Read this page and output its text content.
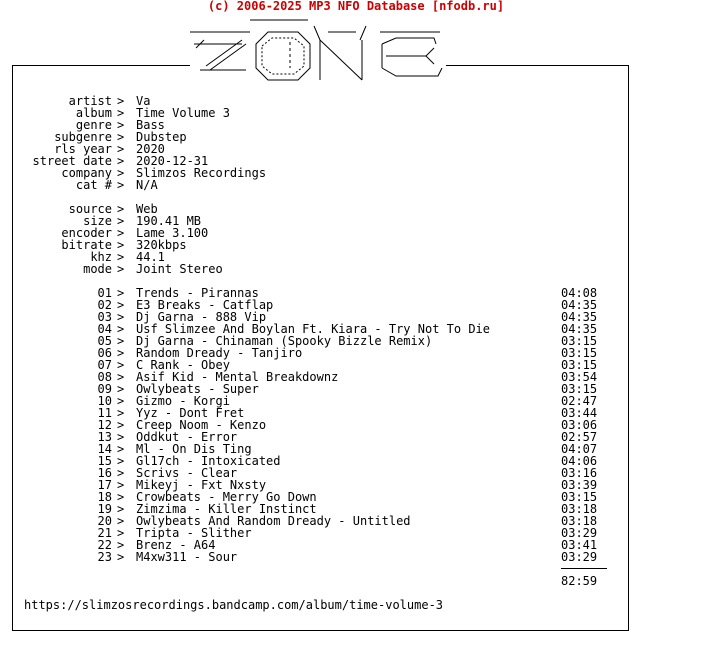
(c) 2006-2025 MP3 NFO Database [nfodb.ru]
artist > Va
album > Time Volume 3
genre > Bass
subgenre > Dubstep
rls year > 2020
street date > 2020-12-31
company > Slimzos Recordings
cat # > N/A
source > Web
size > 190.41 MB
encoder > Lame 3.100
bitrate > 320kbps
khz > 44.1
mode > Joint Stereo
01 > Trends - Pirannas	04:08
02 > E3 Breaks - Catflap	04:35
03 > Dj Garna - 888 Vip	04:35
04 > Usf Slimzee And Boylan Ft. Kiara - Try Not To Die	04:35
05 > Dj Garna - Chinaman (Spooky Bizzle Remix)	03:15
06 > Random Dready - Tanjiro	03:15
07 > C Rank - Obey	03:15
08 > Asif Kid - Mental Breakdownz	03:54
09 > Owlybeats - Super	03:15
10 > Gizmo - Korgi	02:47
11 > Yyz - Dont Fret	03:44
12 > Creep Noom - Kenzo	03:06
13 > Oddkut - Error	02:57
14 > Ml - On Dis Ting	04:07
15 > Gl17ch - Intoxicated	04:06
16 > Scrivs - Clear	03:16
17 > Mikeyj - Fxt Nxsty	03:39
18 > Crowbeats - Merry Go Down	03:15
19 > Zimzima - Killer Instinct	03:18
20 > Owlybeats And Random Dready - Untitled	03:18
21 > Tripta - Slither	03:29
22 > Brenz - A64	03:41
23 > M4xw311 - Sour	03:29
82:59
https://slimzosrecordings.bandcamp.com/album/time-volume-3
